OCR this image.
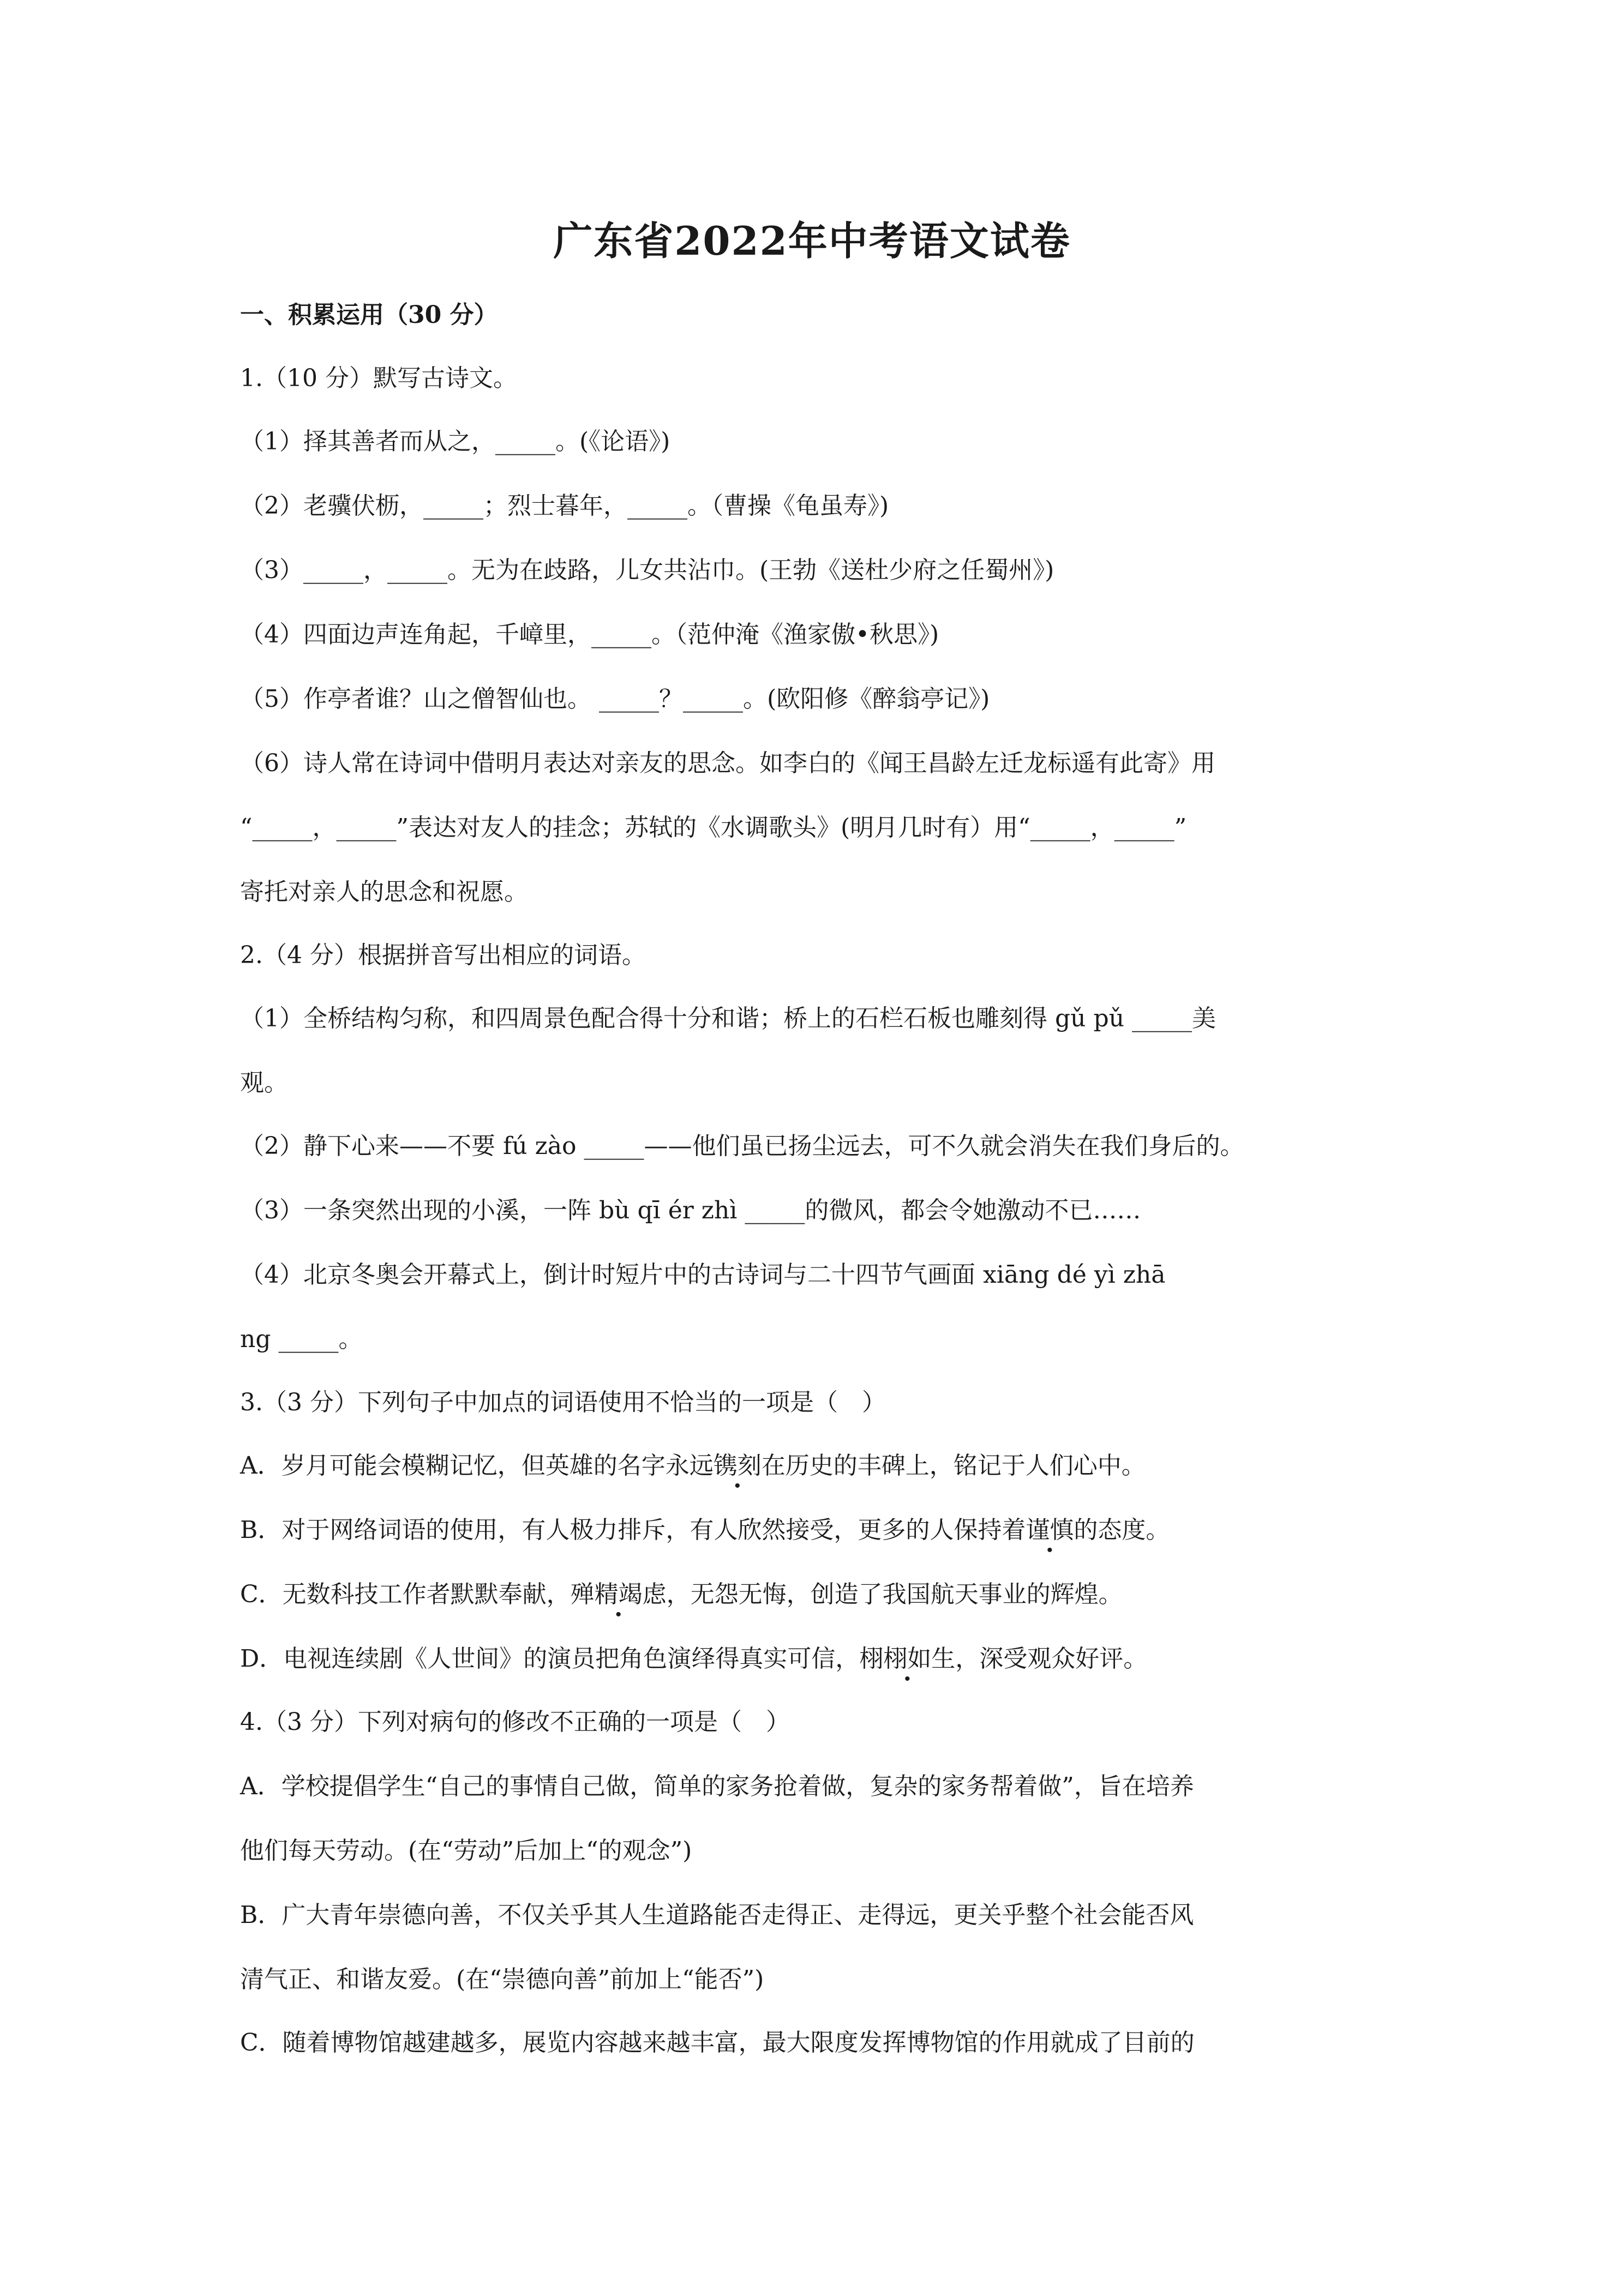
广东省2022年中考语文试卷
一、积累运用（30 分）
1.（10 分）默写古诗文。
（1）择其善者而从之，_____。(《论语》)
（2）老骥伏枥，_____；烈士暮年，_____。（曹操《龟虽寿》)
（3）_____，_____。无为在歧路，儿女共沾巾。(王勃《送杜少府之任蜀州》)
（4）四面边声连角起，千嶂里，_____。（范仲淹《渔家傲•秋思》)
（5）作亭者谁？山之僧智仙也。 _____？_____。(欧阳修《醉翁亭记》)
（6）诗人常在诗词中借明月表达对亲友的思念。如李白的《闻王昌龄左迁龙标遥有此寄》用
“_____，_____”表达对友人的挂念；苏轼的《水调歌头》(明月几时有）用“_____，_____”
寄托对亲人的思念和祝愿。
2.（4 分）根据拼音写出相应的词语。
（1）全桥结构匀称，和四周景色配合得十分和谐；桥上的石栏石板也雕刻得 gǔ pǔ _____美
观。
（2）静下心来——不要 fú zào _____——他们虽已扬尘远去，可不久就会消失在我们身后的。
（3）一条突然出现的小溪，一阵 bù qī ér zhì _____的微风，都会令她激动不已……
（4）北京冬奥会开幕式上，倒计时短片中的古诗词与二十四节气画面 xiāng dé yì zhā
ng _____。
3.（3 分）下列句子中加点的词语使用不恰当的一项是（　）
A．岁月可能会模糊记忆，但英雄的名字永远镌刻在历史的丰碑上，铭记于人们心中。
B．对于网络词语的使用，有人极力排斥，有人欣然接受，更多的人保持着谨慎的态度。
C．无数科技工作者默默奉献，殚精竭虑，无怨无悔，创造了我国航天事业的辉煌。
D．电视连续剧《人世间》的演员把角色演绎得真实可信，栩栩如生，深受观众好评。
4.（3 分）下列对病句的修改不正确的一项是（　）
A．学校提倡学生“自己的事情自己做，简单的家务抢着做，复杂的家务帮着做”，旨在培养
他们每天劳动。(在“劳动”后加上“的观念”)
B．广大青年崇德向善，不仅关乎其人生道路能否走得正、走得远，更关乎整个社会能否风
清气正、和谐友爱。(在“崇德向善”前加上“能否”)
C．随着博物馆越建越多，展览内容越来越丰富，最大限度发挥博物馆的作用就成了目前的
